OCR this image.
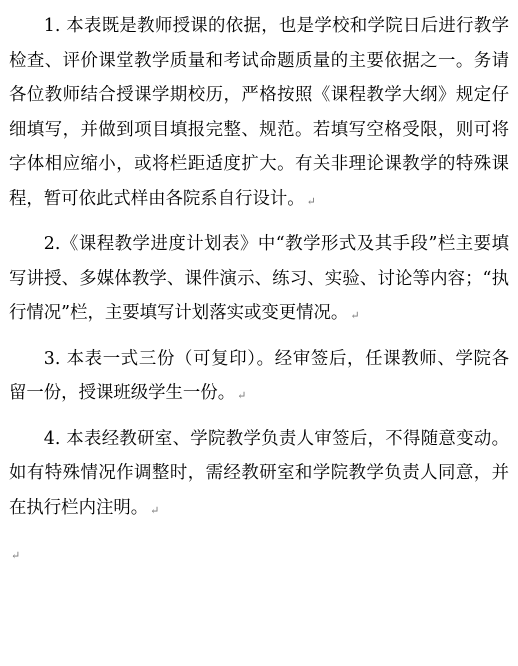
1. 本表既是教师授课的依据，也是学校和学院日后进行教学检查、评价课堂教学质量和考试命题质量的主要依据之一。务请各位教师结合授课学期校历，严格按照《课程教学大纲》规定仔细填写，并做到项目填报完整、规范。若填写空格受限，则可将字体相应缩小，或将栏距适度扩大。有关非理论课教学的特殊课程，暂可依此式样由各院系自行设计。 ↵

2.《课程教学进度计划表》中“教学形式及其手段”栏主要填写讲授、多媒体教学、课件演示、练习、实验、讨论等内容；“执行情况”栏，主要填写计划落实或变更情况。 ↵

3. 本表一式三份（可复印）。经审签后，任课教师、学院各留一份，授课班级学生一份。 ↵

4. 本表经教研室、学院教学负责人审签后，不得随意变动。如有特殊情况作调整时，需经教研室和学院教学负责人同意，并在执行栏内注明。 ↵

↵
